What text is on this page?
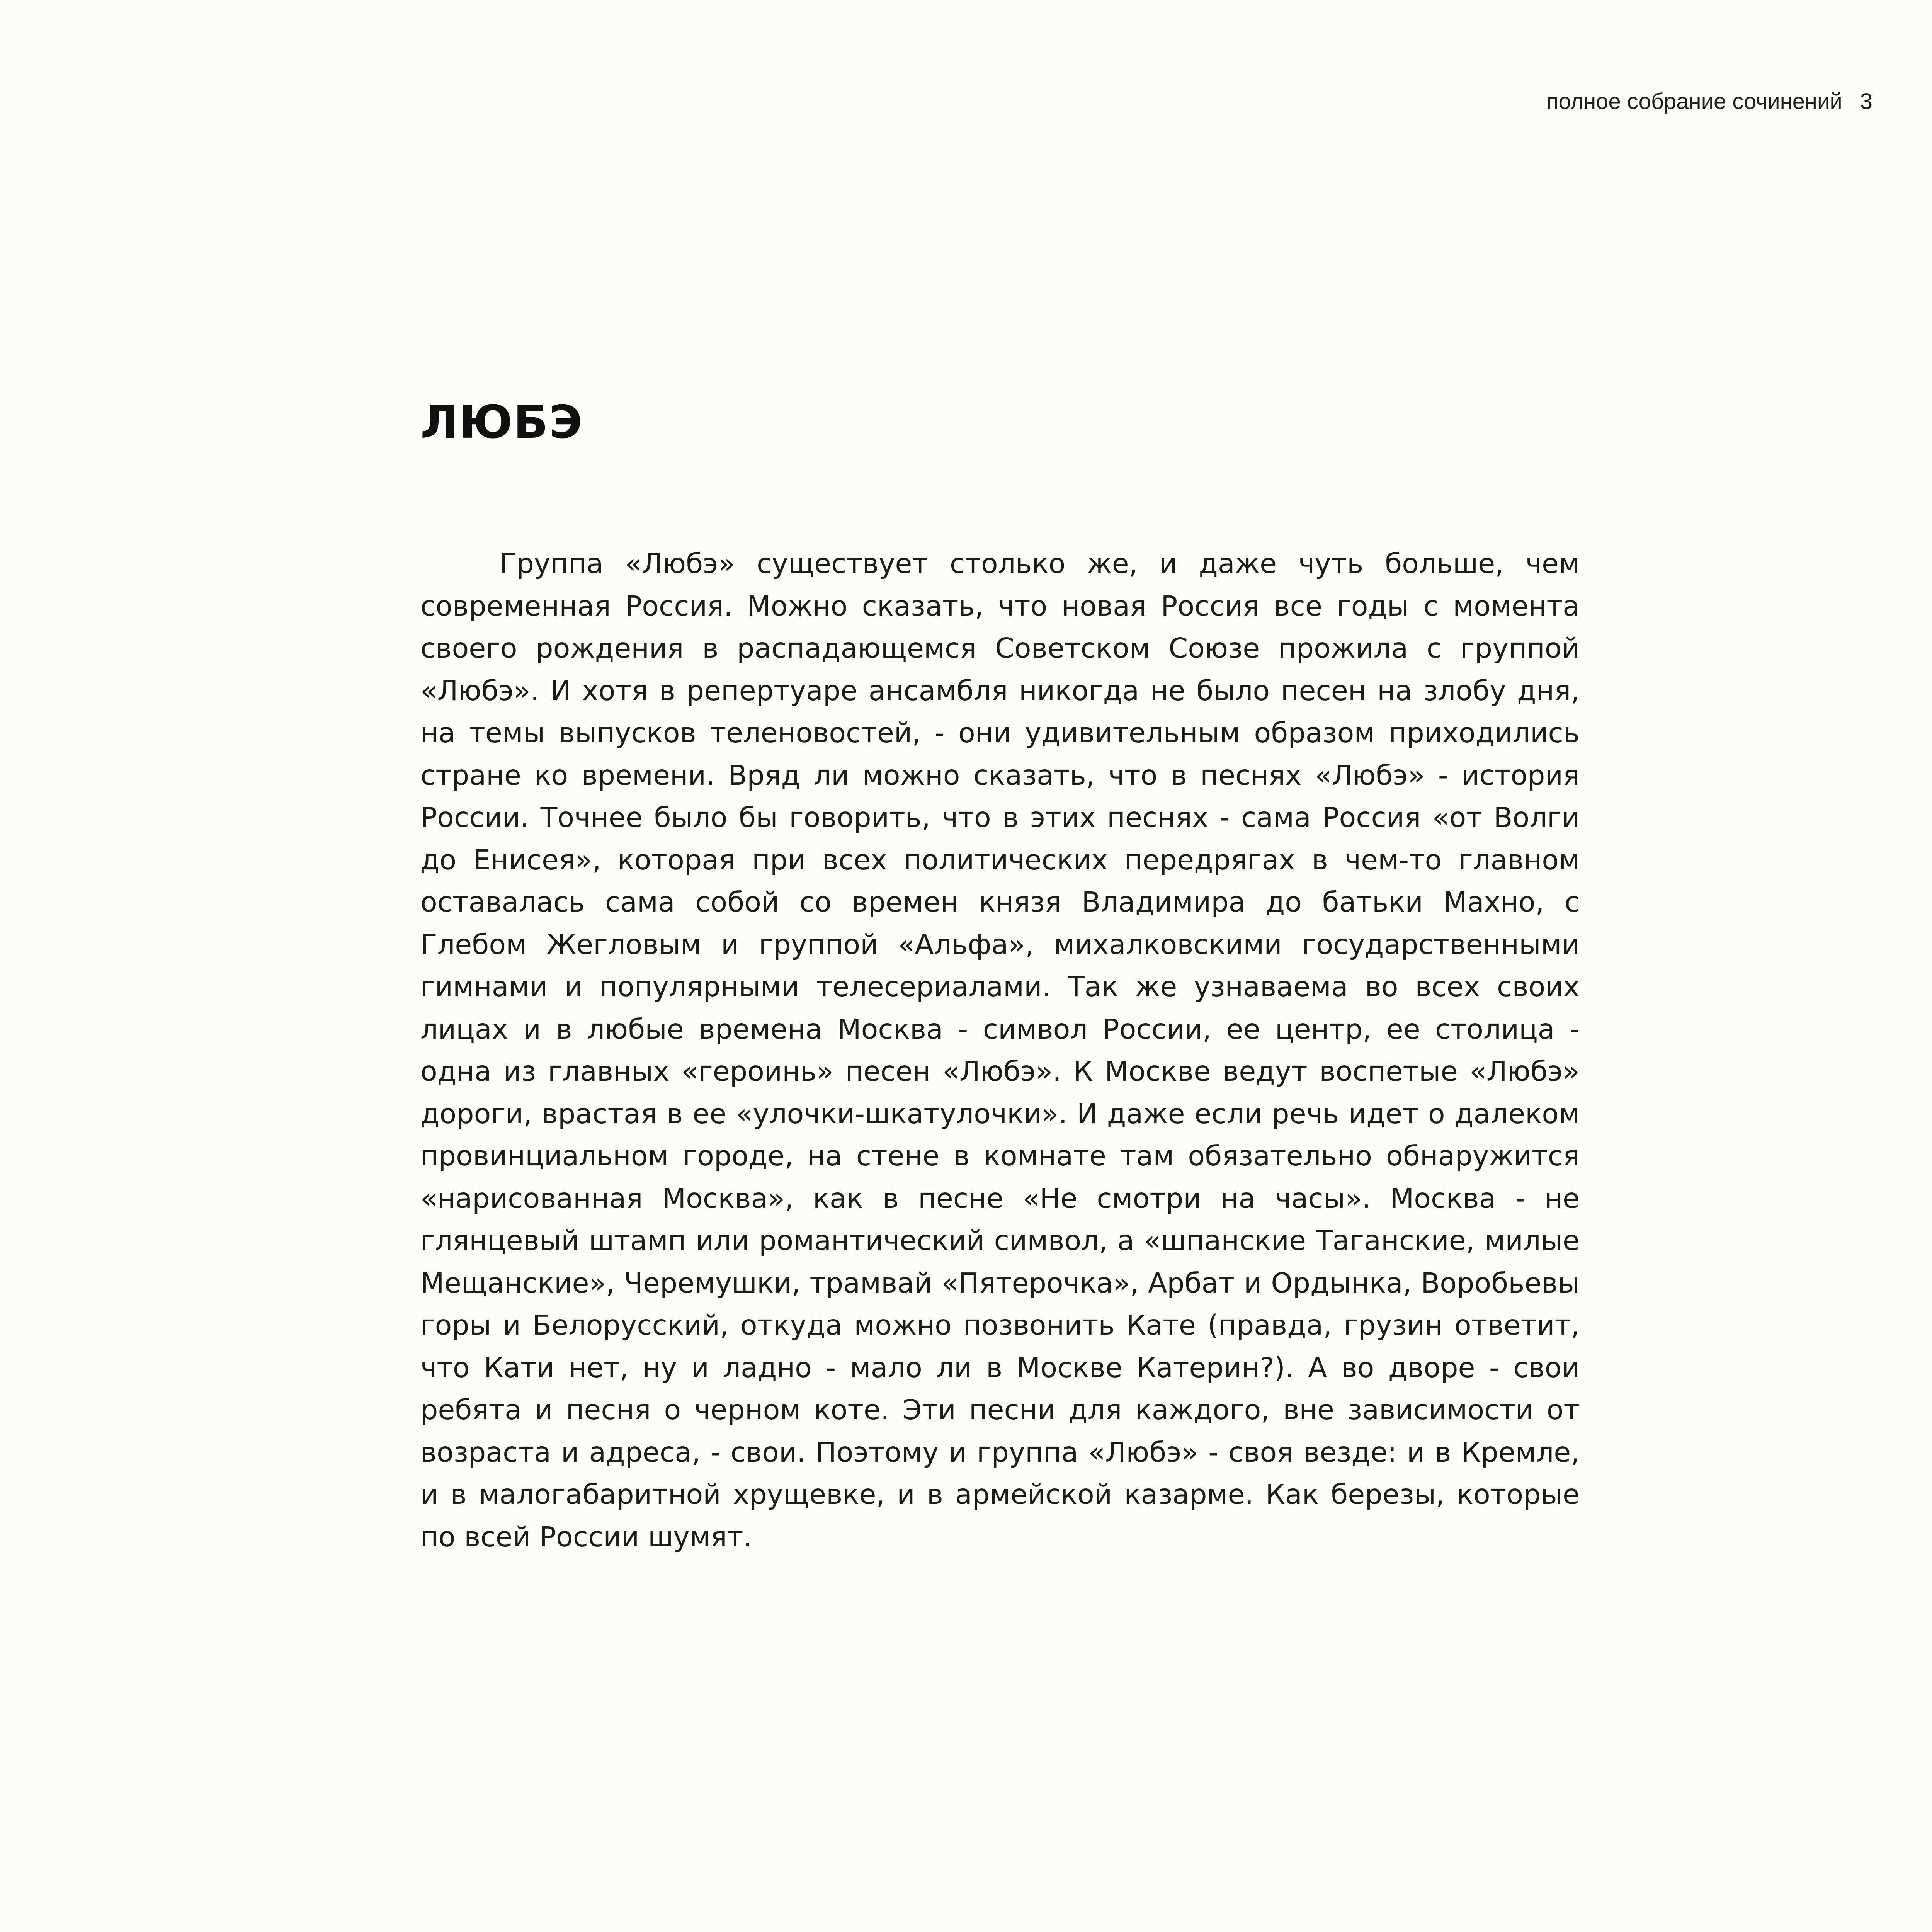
полное собрание сочинений 3
ЛЮБЭ

Группа «Любэ» существует столько же, и даже чуть больше, чем современная Россия. Можно сказать, что новая Россия все годы с момента своего рождения в распадающемся Советском Союзе прожила с группой «Любэ». И хотя в репертуаре ансамбля никогда не было песен на злобу дня, на темы выпусков теленовостей, - они удивительным образом приходились стране ко времени. Вряд ли можно сказать, что в песнях «Любэ» - история России. Точнее было бы говорить, что в этих песнях - сама Россия «от Волги до Енисея», которая при всех политических передрягах в чем-то главном оставалась сама собой со времен князя Владимира до батьки Махно, с Глебом Жегловым и группой «Альфа», михалковскими государственными гимнами и популярными телесериалами. Так же узнаваема во всех своих лицах и в любые времена Москва - символ России, ее центр, ее столица - одна из главных «героинь» песен «Любэ». К Москве ведут воспетые «Любэ» дороги, врастая в ее «улочки-шкатулочки». И даже если речь идет о далеком провинциальном городе, на стене в комнате там обязательно обнаружится «нарисованная Москва», как в песне «Не смотри на часы». Москва - не глянцевый штамп или романтический символ, а «шпанские Таганские, милые Мещанские», Черемушки, трамвай «Пятерочка», Арбат и Ордынка, Воробьевы горы и Белорусский, откуда можно позвонить Кате (правда, грузин ответит, что Кати нет, ну и ладно - мало ли в Москве Катерин?). А во дворе - свои ребята и песня о черном коте. Эти песни для каждого, вне зависимости от возраста и адреса, - свои. Поэтому и группа «Любэ» - своя везде: и в Кремле, и в малогабаритной хрущевке, и в армейской казарме. Как березы, которые по всей России шумят.
